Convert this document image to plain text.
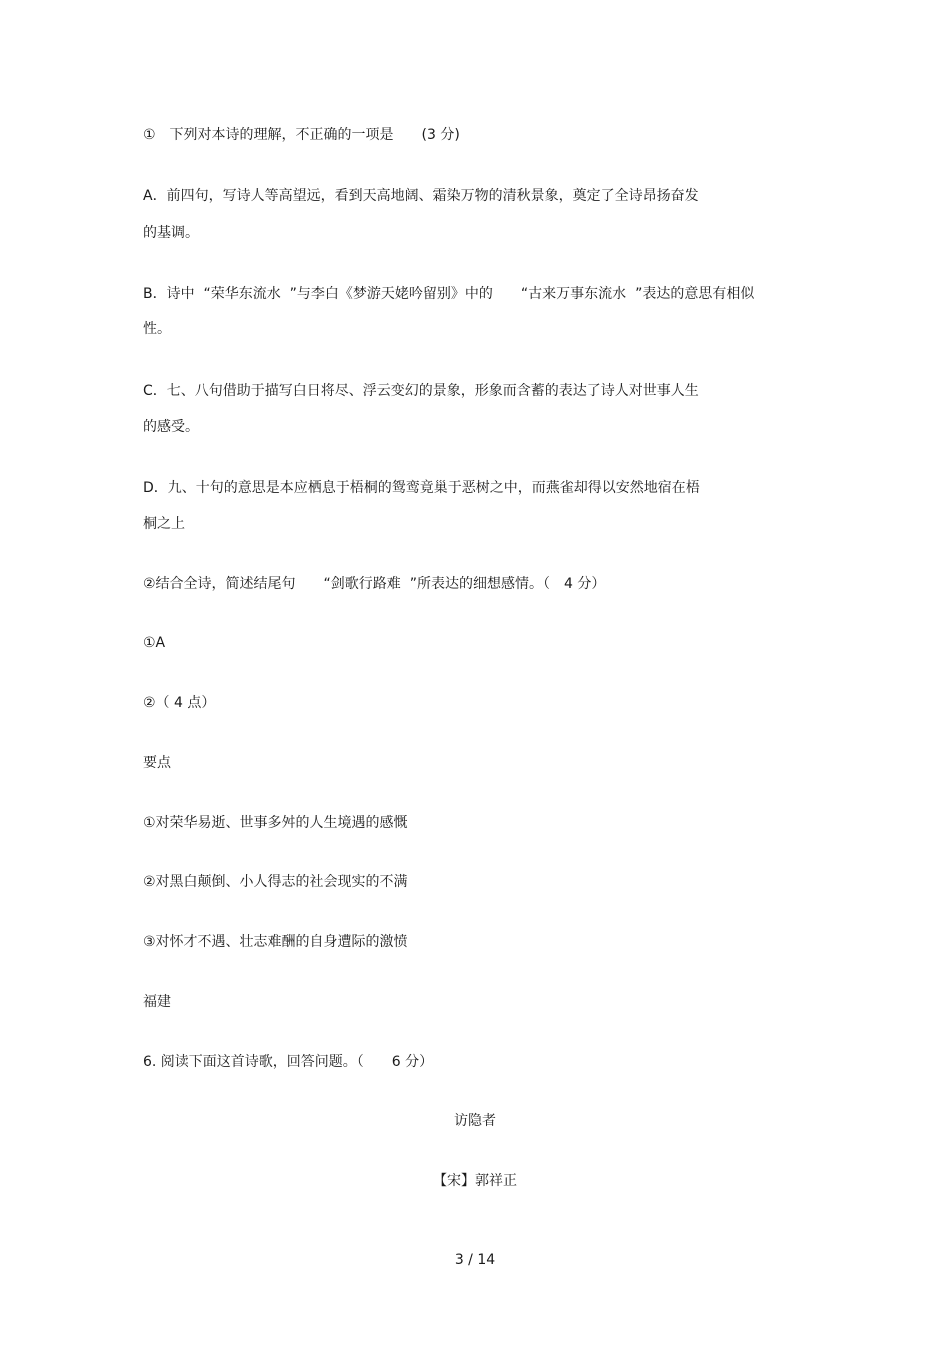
①　下列对本诗的理解，不正确的一项是　　(3 分)
A．前四句，写诗人等高望远，看到天高地阔、霜染万物的清秋景象，奠定了全诗昂扬奋发
的基调。
B．诗中  “荣华东流水  ”与李白《梦游天姥吟留别》中的　　“古来万事东流水  ”表达的意思有相似
性。
C．七、八句借助于描写白日将尽、浮云变幻的景象，形象而含蓄的表达了诗人对世事人生
的感受。
D．九、十句的意思是本应栖息于梧桐的鸳鸾竟巢于恶树之中，而燕雀却得以安然地宿在梧
桐之上
②结合全诗，简述结尾句　　“剑歌行路难  ”所表达的细想感情。（　4 分）
①A
②（ 4 点）
要点
①对荣华易逝、世事多舛的人生境遇的感慨
②对黑白颠倒、小人得志的社会现实的不满
③对怀才不遇、壮志难酬的自身遭际的激愤
福建
6. 阅读下面这首诗歌，回答问题。（　　6 分）
访隐者
【宋】郭祥正
3 / 14
